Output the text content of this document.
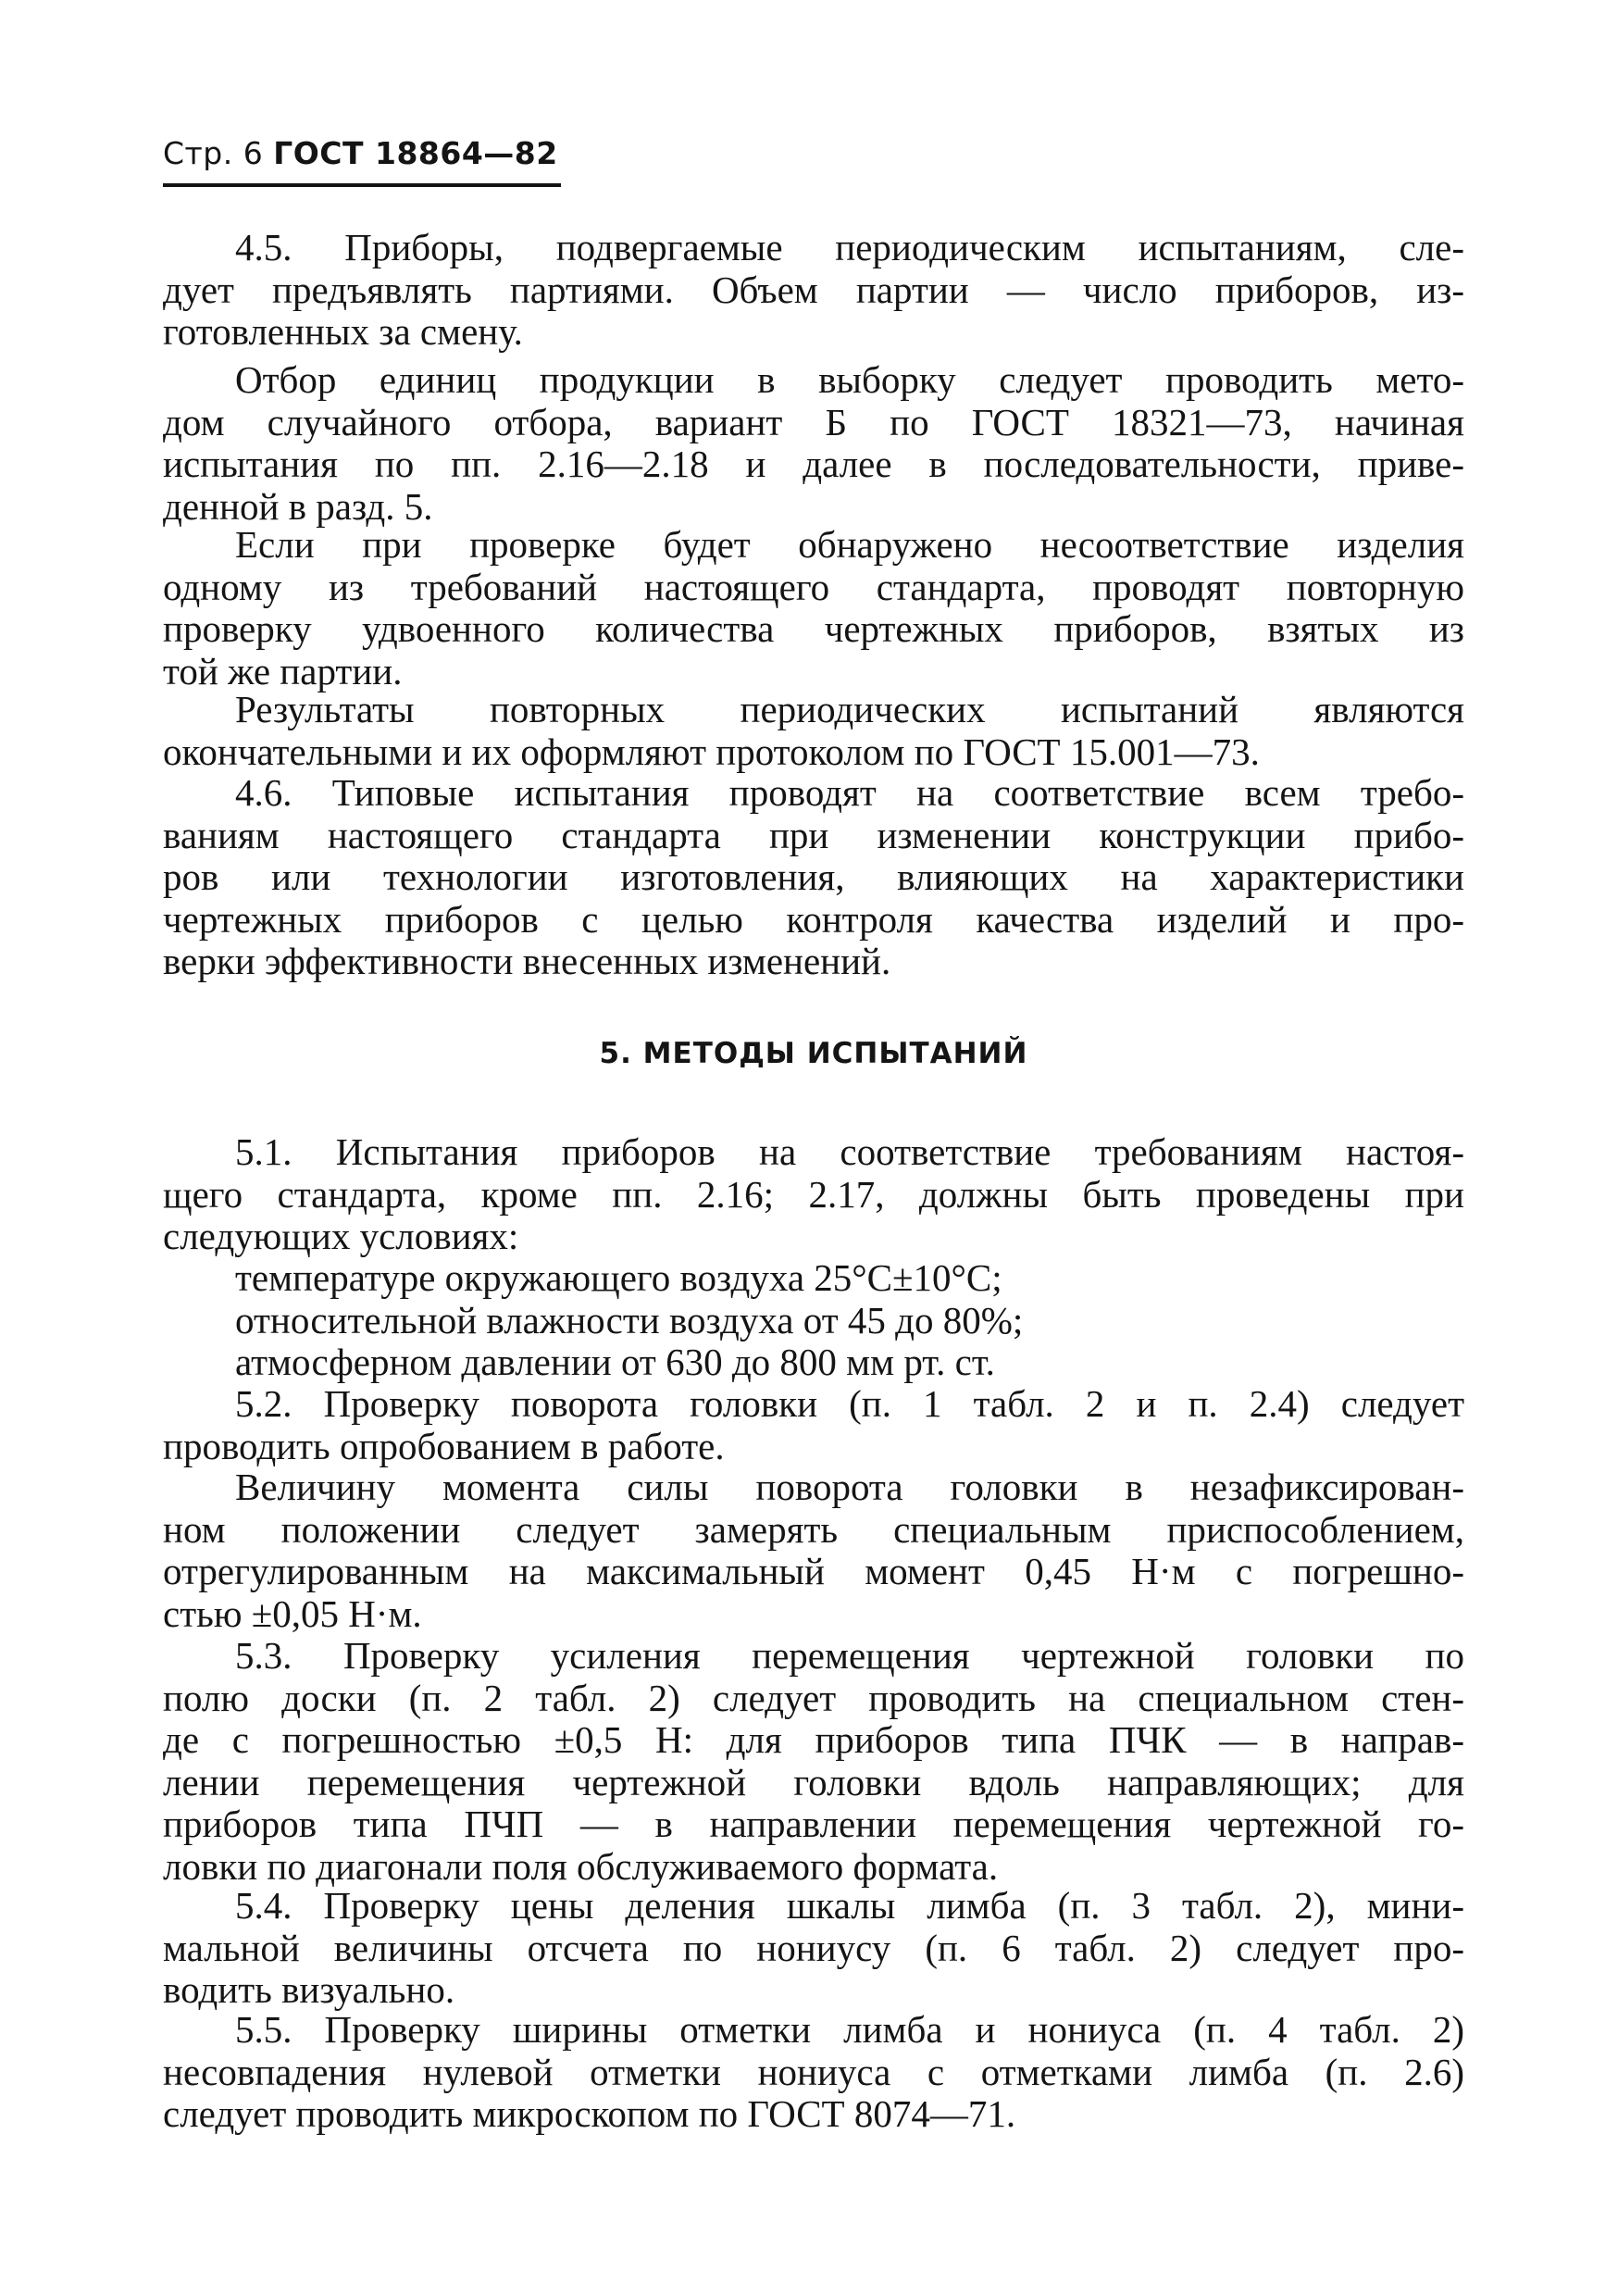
Стр. 6 ГОСТ 18864—82
4.5. Приборы, подвергаемые периодическим испытаниям, сле-
дует предъявлять партиями. Объем партии — число приборов, из-
готовленных за смену.
Отбор единиц продукции в выборку следует проводить мето-
дом случайного отбора, вариант Б по ГОСТ 18321—73, начиная
испытания по пп. 2.16—2.18 и далее в последовательности, приве-
денной в разд. 5.
Если при проверке будет обнаружено несоответствие изделия
одному из требований настоящего стандарта, проводят повторную
проверку удвоенного количества чертежных приборов, взятых из
той же партии.
Результаты повторных периодических испытаний являются
окончательными и их оформляют протоколом по ГОСТ 15.001—73.
4.6. Типовые испытания проводят на соответствие всем требо-
ваниям настоящего стандарта при изменении конструкции прибо-
ров или технологии изготовления, влияющих на характеристики
чертежных приборов с целью контроля качества изделий и про-
верки эффективности внесенных изменений.
5. МЕТОДЫ ИСПЫТАНИЙ
5.1. Испытания приборов на соответствие требованиям настоя-
щего стандарта, кроме пп. 2.16; 2.17, должны быть проведены при
следующих условиях:
температуре окружающего воздуха 25°С±10°С;
относительной влажности воздуха от 45 до 80%;
атмосферном давлении от 630 до 800 мм рт. ст.
5.2. Проверку поворота головки (п. 1 табл. 2 и п. 2.4) следует
проводить опробованием в работе.
Величину момента силы поворота головки в незафиксирован-
ном положении следует замерять специальным приспособлением,
отрегулированным на максимальный момент 0,45 Н·м с погрешно-
стью ±0,05 Н·м.
5.3. Проверку усиления перемещения чертежной головки по
полю доски (п. 2 табл. 2) следует проводить на специальном стен-
де с погрешностью ±0,5 Н: для приборов типа ПЧК — в направ-
лении перемещения чертежной головки вдоль направляющих; для
приборов типа ПЧП — в направлении перемещения чертежной го-
ловки по диагонали поля обслуживаемого формата.
5.4. Проверку цены деления шкалы лимба (п. 3 табл. 2), мини-
мальной величины отсчета по нониусу (п. 6 табл. 2) следует про-
водить визуально.
5.5. Проверку ширины отметки лимба и нониуса (п. 4 табл. 2)
несовпадения нулевой отметки нониуса с отметками лимба (п. 2.6)
следует проводить микроскопом по ГОСТ 8074—71.
